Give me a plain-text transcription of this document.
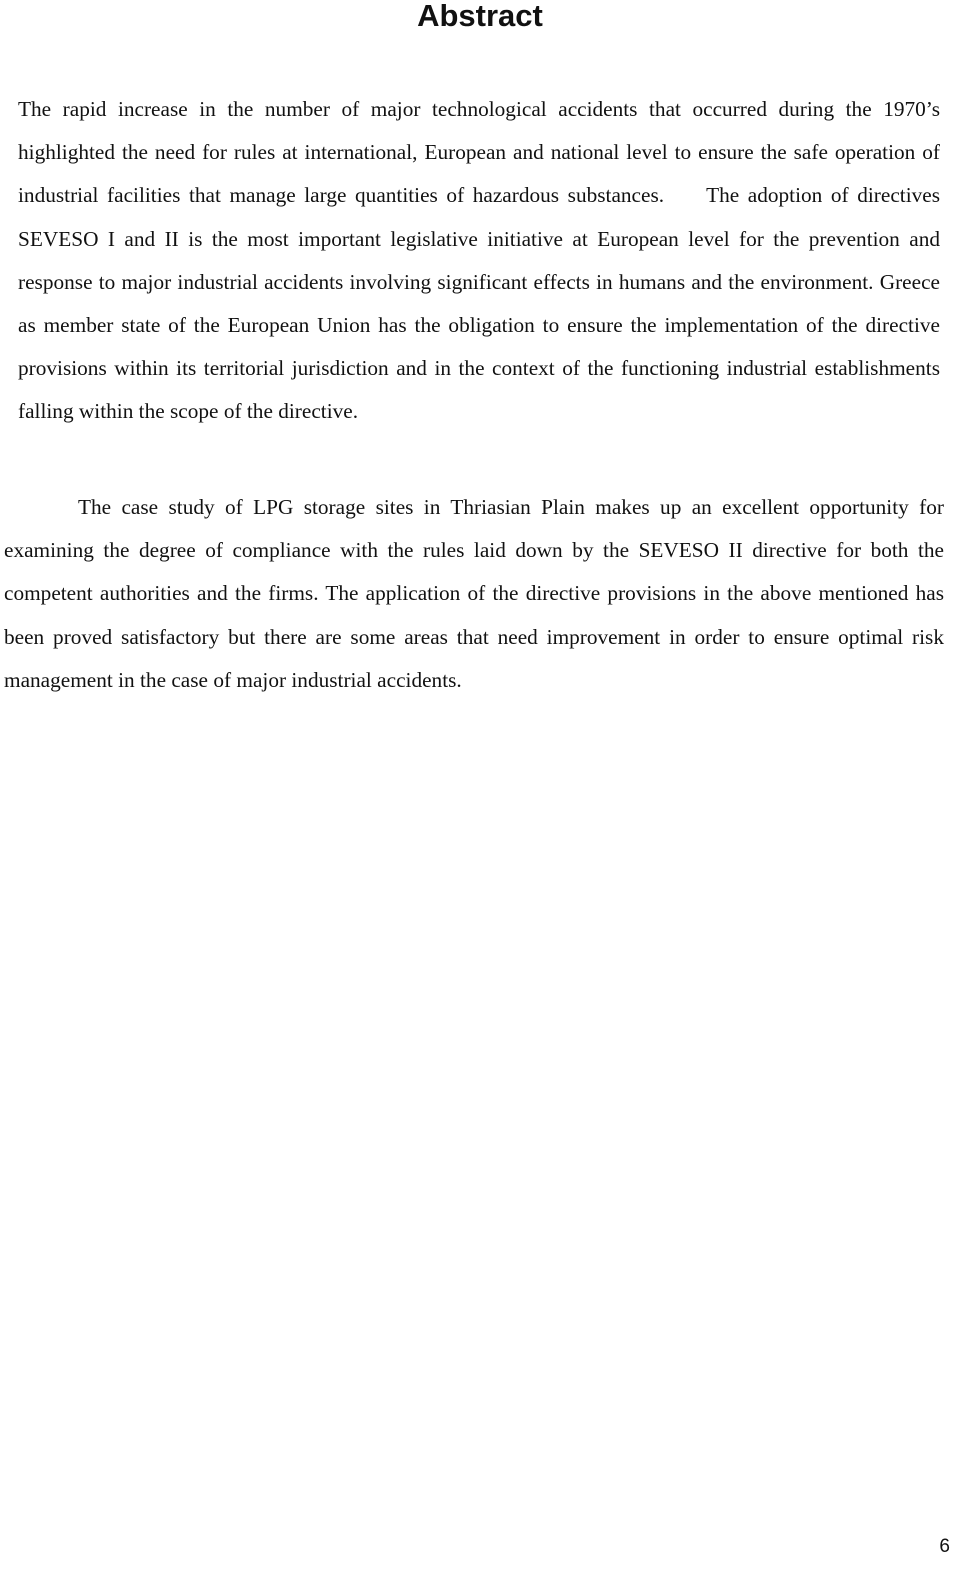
Abstract

The rapid increase in the number of major technological accidents that occurred during the 1970’s highlighted the need for rules at international, European and national level to ensure the safe operation of industrial facilities that manage large quantities of hazardous substances. The adoption of directives SEVESO I and II is the most important legislative initiative at European level for the prevention and response to major industrial accidents involving significant effects in humans and the environment. Greece as member state of the European Union has the obligation to ensure the implementation of the directive provisions within its territorial jurisdiction and in the context of the functioning industrial establishments falling within the scope of the directive.

The case study of LPG storage sites in Thriasian Plain makes up an excellent opportunity for examining the degree of compliance with the rules laid down by the SEVESO II directive for both the competent authorities and the firms. The application of the directive provisions in the above mentioned has been proved satisfactory but there are some areas that need improvement in order to ensure optimal risk management in the case of major industrial accidents.

6
